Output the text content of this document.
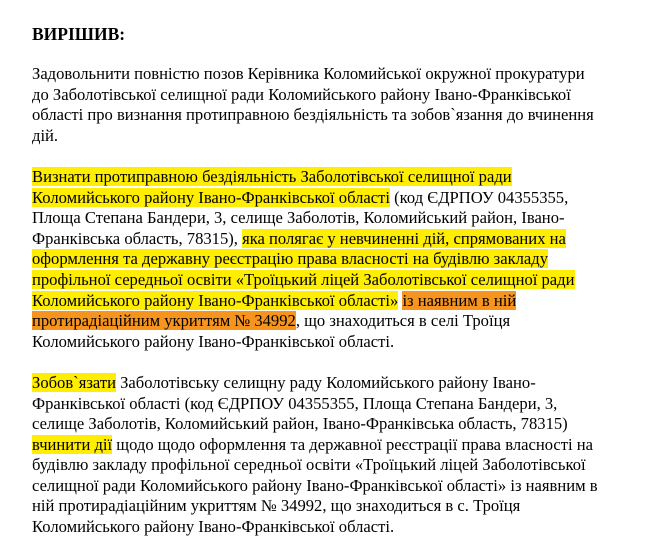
ВИРІШИВ:
Задовольнити повністю позов Керівника Коломийської окружної прокуратури
до Заболотівської селищної ради Коломийського району Івано-Франківської
області про визнання протиправною бездіяльність та зобов`язання до вчинення
дій.
Визнати протиправною бездіяльність Заболотівської селищної ради
Коломийського району Івано-Франківської області (код ЄДРПОУ 04355355,
Площа Степана Бандери, 3, селище Заболотів, Коломийський район, Івано-
Франківська область, 78315), яка полягає у невчиненні дій, спрямованих на
оформлення та державну реєстрацію права власності на будівлю закладу
профільної середньої освіти «Троїцький ліцей Заболотівської селищної ради
Коломийського району Івано-Франківської області» із наявним в ній
протирадіаційним укриттям № 34992, що знаходиться в селі Троїця
Коломийського району Івано-Франківської області.
Зобов`язати Заболотівську селищну раду Коломийського району Івано-
Франківської області (код ЄДРПОУ 04355355, Площа Степана Бандери, 3,
селище Заболотів, Коломийський район, Івано-Франківська область, 78315)
вчинити дії щодо щодо оформлення та державної реєстрації права власності на
будівлю закладу профільної середньої освіти «Троїцький ліцей Заболотівської
селищної ради Коломийського району Івано-Франківської області» із наявним в
ній протирадіаційним укриттям № 34992, що знаходиться в с. Троїця
Коломийського району Івано-Франківської області.
